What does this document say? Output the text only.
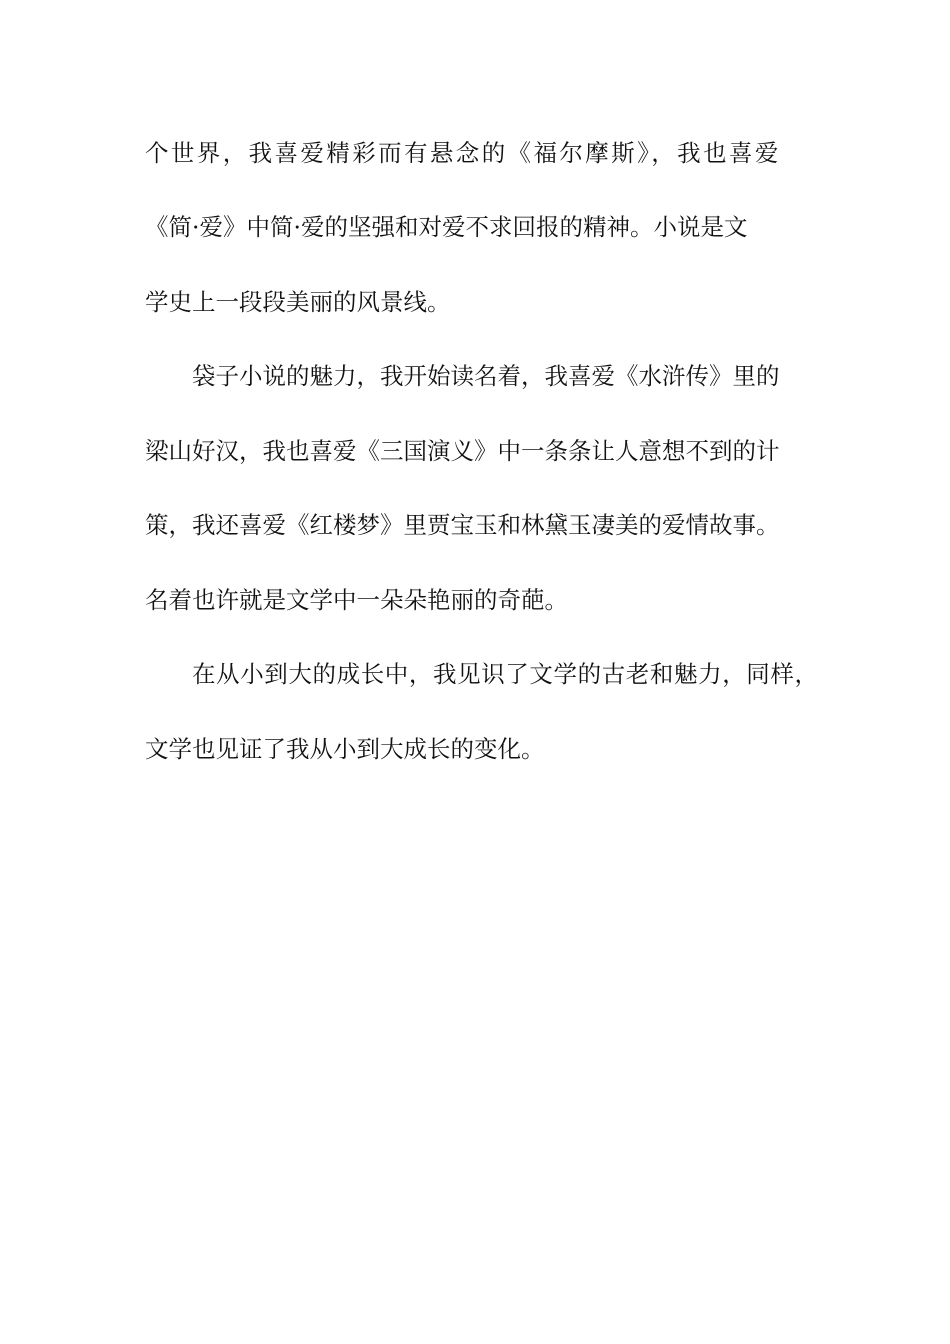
个世界，我喜爱精彩而有悬念的《福尔摩斯》，我也喜爱
《简·爱》中简·爱的坚强和对爱不求回报的精神。小说是文
学史上一段段美丽的风景线。
袋子小说的魅力，我开始读名着，我喜爱《水浒传》里的
梁山好汉，我也喜爱《三国演义》中一条条让人意想不到的计
策，我还喜爱《红楼梦》里贾宝玉和林黛玉凄美的爱情故事。
名着也许就是文学中一朵朵艳丽的奇葩。
在从小到大的成长中，我见识了文学的古老和魅力，同样，
文学也见证了我从小到大成长的变化。
